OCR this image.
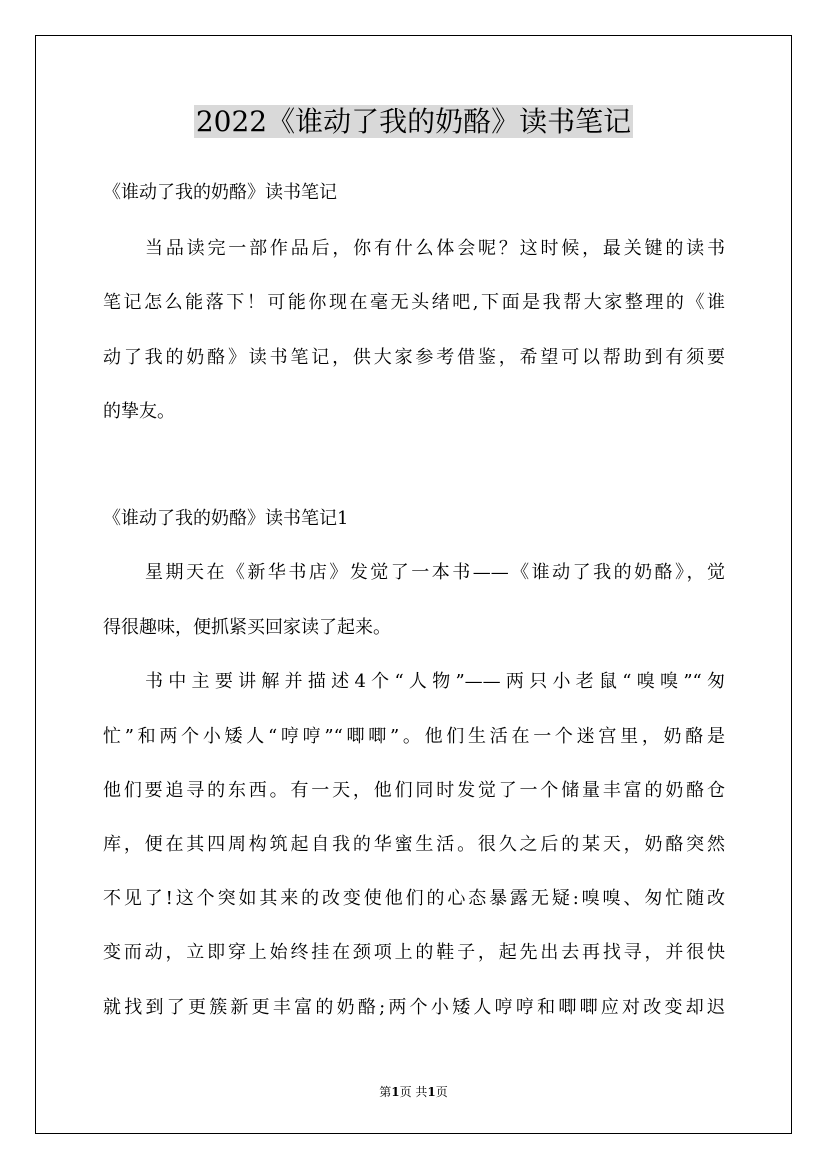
2022《谁动了我的奶酪》读书笔记
《谁动了我的奶酪》读书笔记
当品读完一部作品后，你有什么体会呢？这时候，最关键的读书
笔记怎么能落下！可能你现在毫无头绪吧,下面是我帮大家整理的《谁
动了我的奶酪》读书笔记，供大家参考借鉴，希望可以帮助到有须要
的挚友。
《谁动了我的奶酪》读书笔记1
星期天在《新华书店》发觉了一本书——《谁动了我的奶酪》，觉
得很趣味，便抓紧买回家读了起来。
书中主要讲解并描述4个“人物”——两只小老鼠“嗅嗅”“匆
忙”和两个小矮人“哼哼”“唧唧”。他们生活在一个迷宫里，奶酪是
他们要追寻的东西。有一天，他们同时发觉了一个储量丰富的奶酪仓
库，便在其四周构筑起自我的华蜜生活。很久之后的某天，奶酪突然
不见了!这个突如其来的改变使他们的心态暴露无疑:嗅嗅、匆忙随改
变而动，立即穿上始终挂在颈项上的鞋子，起先出去再找寻，并很快
就找到了更簇新更丰富的奶酪;两个小矮人哼哼和唧唧应对改变却迟
第1页 共1页
